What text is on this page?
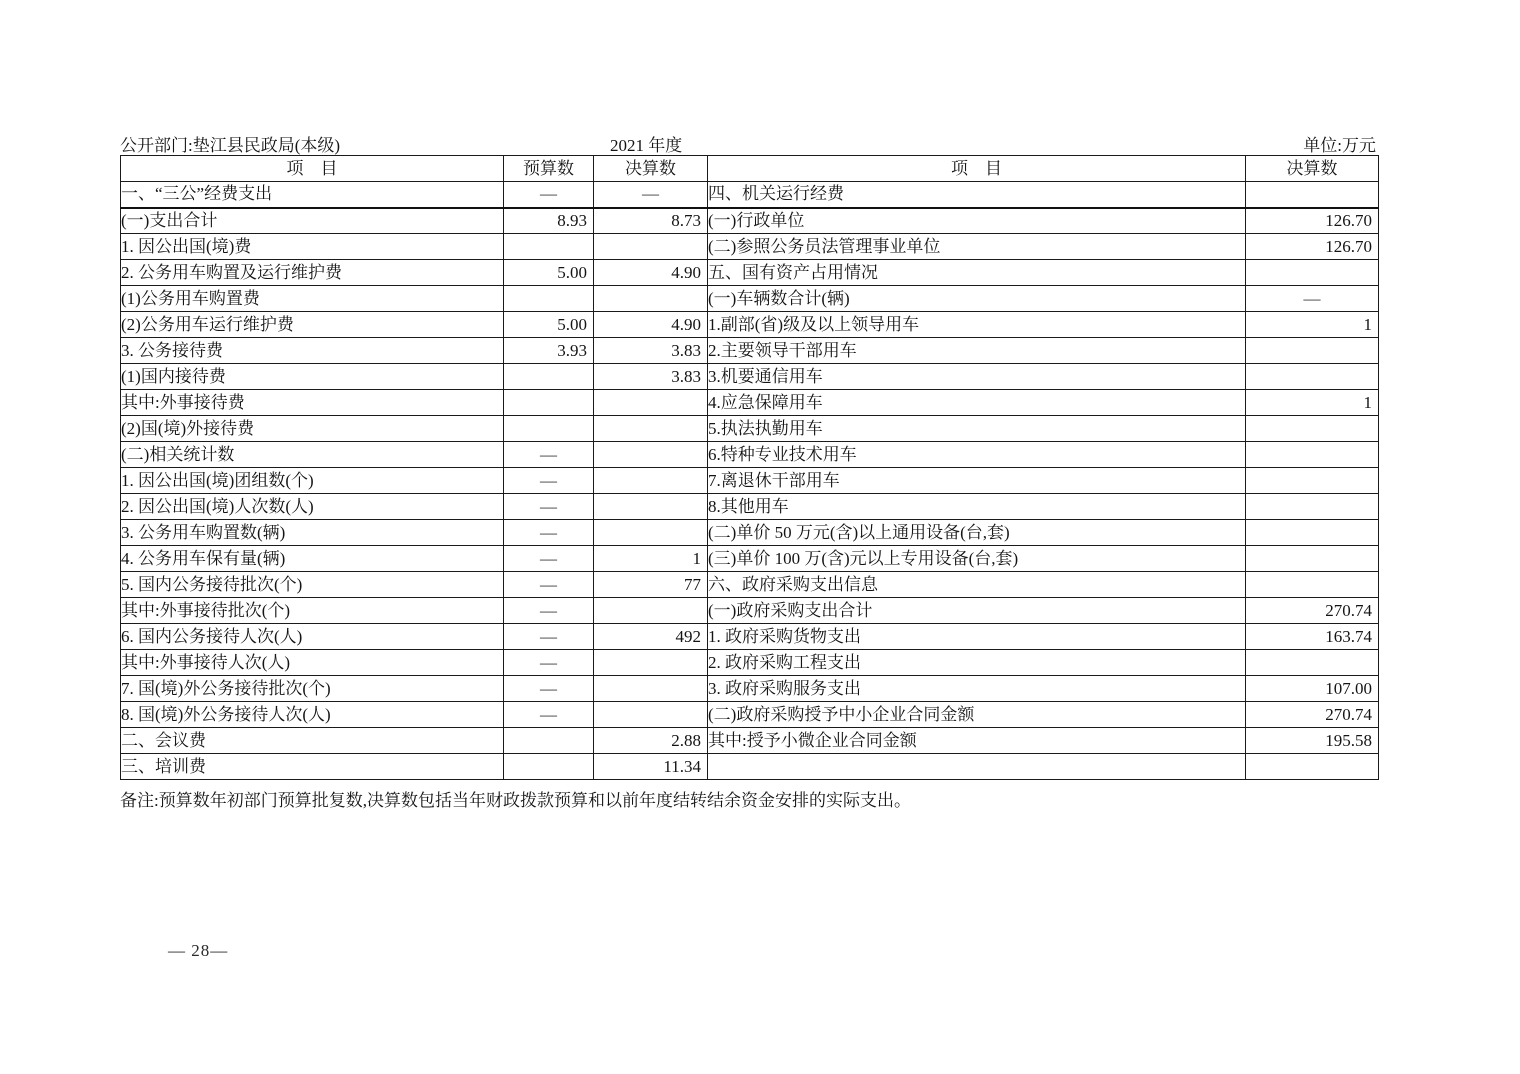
公开部门:垫江县民政局(本级)	2021 年度	单位:万元
项　目	预算数	决算数	项　目	决算数
一、“三公”经费支出	—	—	四、机关运行经费	
(一)支出合计	8.93	8.73	(一)行政单位	126.70
1. 因公出国(境)费			(二)参照公务员法管理事业单位	126.70
2. 公务用车购置及运行维护费	5.00	4.90	五、国有资产占用情况	
(1)公务用车购置费			(一)车辆数合计(辆)	—
(2)公务用车运行维护费	5.00	4.90	1.副部(省)级及以上领导用车	1
3. 公务接待费	3.93	3.83	2.主要领导干部用车	
(1)国内接待费		3.83	3.机要通信用车	
其中:外事接待费			4.应急保障用车	1
(2)国(境)外接待费			5.执法执勤用车	
(二)相关统计数	—		6.特种专业技术用车	
1. 因公出国(境)团组数(个)	—		7.离退休干部用车	
2. 因公出国(境)人次数(人)	—		8.其他用车	
3. 公务用车购置数(辆)	—		(二)单价 50 万元(含)以上通用设备(台,套)	
4. 公务用车保有量(辆)	—	1	(三)单价 100 万(含)元以上专用设备(台,套)	
5. 国内公务接待批次(个)	—	77	六、政府采购支出信息	
其中:外事接待批次(个)	—		(一)政府采购支出合计	270.74
6. 国内公务接待人次(人)	—	492	1. 政府采购货物支出	163.74
其中:外事接待人次(人)	—		2. 政府采购工程支出	
7. 国(境)外公务接待批次(个)	—		3. 政府采购服务支出	107.00
8. 国(境)外公务接待人次(人)	—		(二)政府采购授予中小企业合同金额	270.74
二、会议费		2.88	其中:授予小微企业合同金额	195.58
三、培训费		11.34		
备注:预算数年初部门预算批复数,决算数包括当年财政拨款预算和以前年度结转结余资金安排的实际支出。
— 28—
